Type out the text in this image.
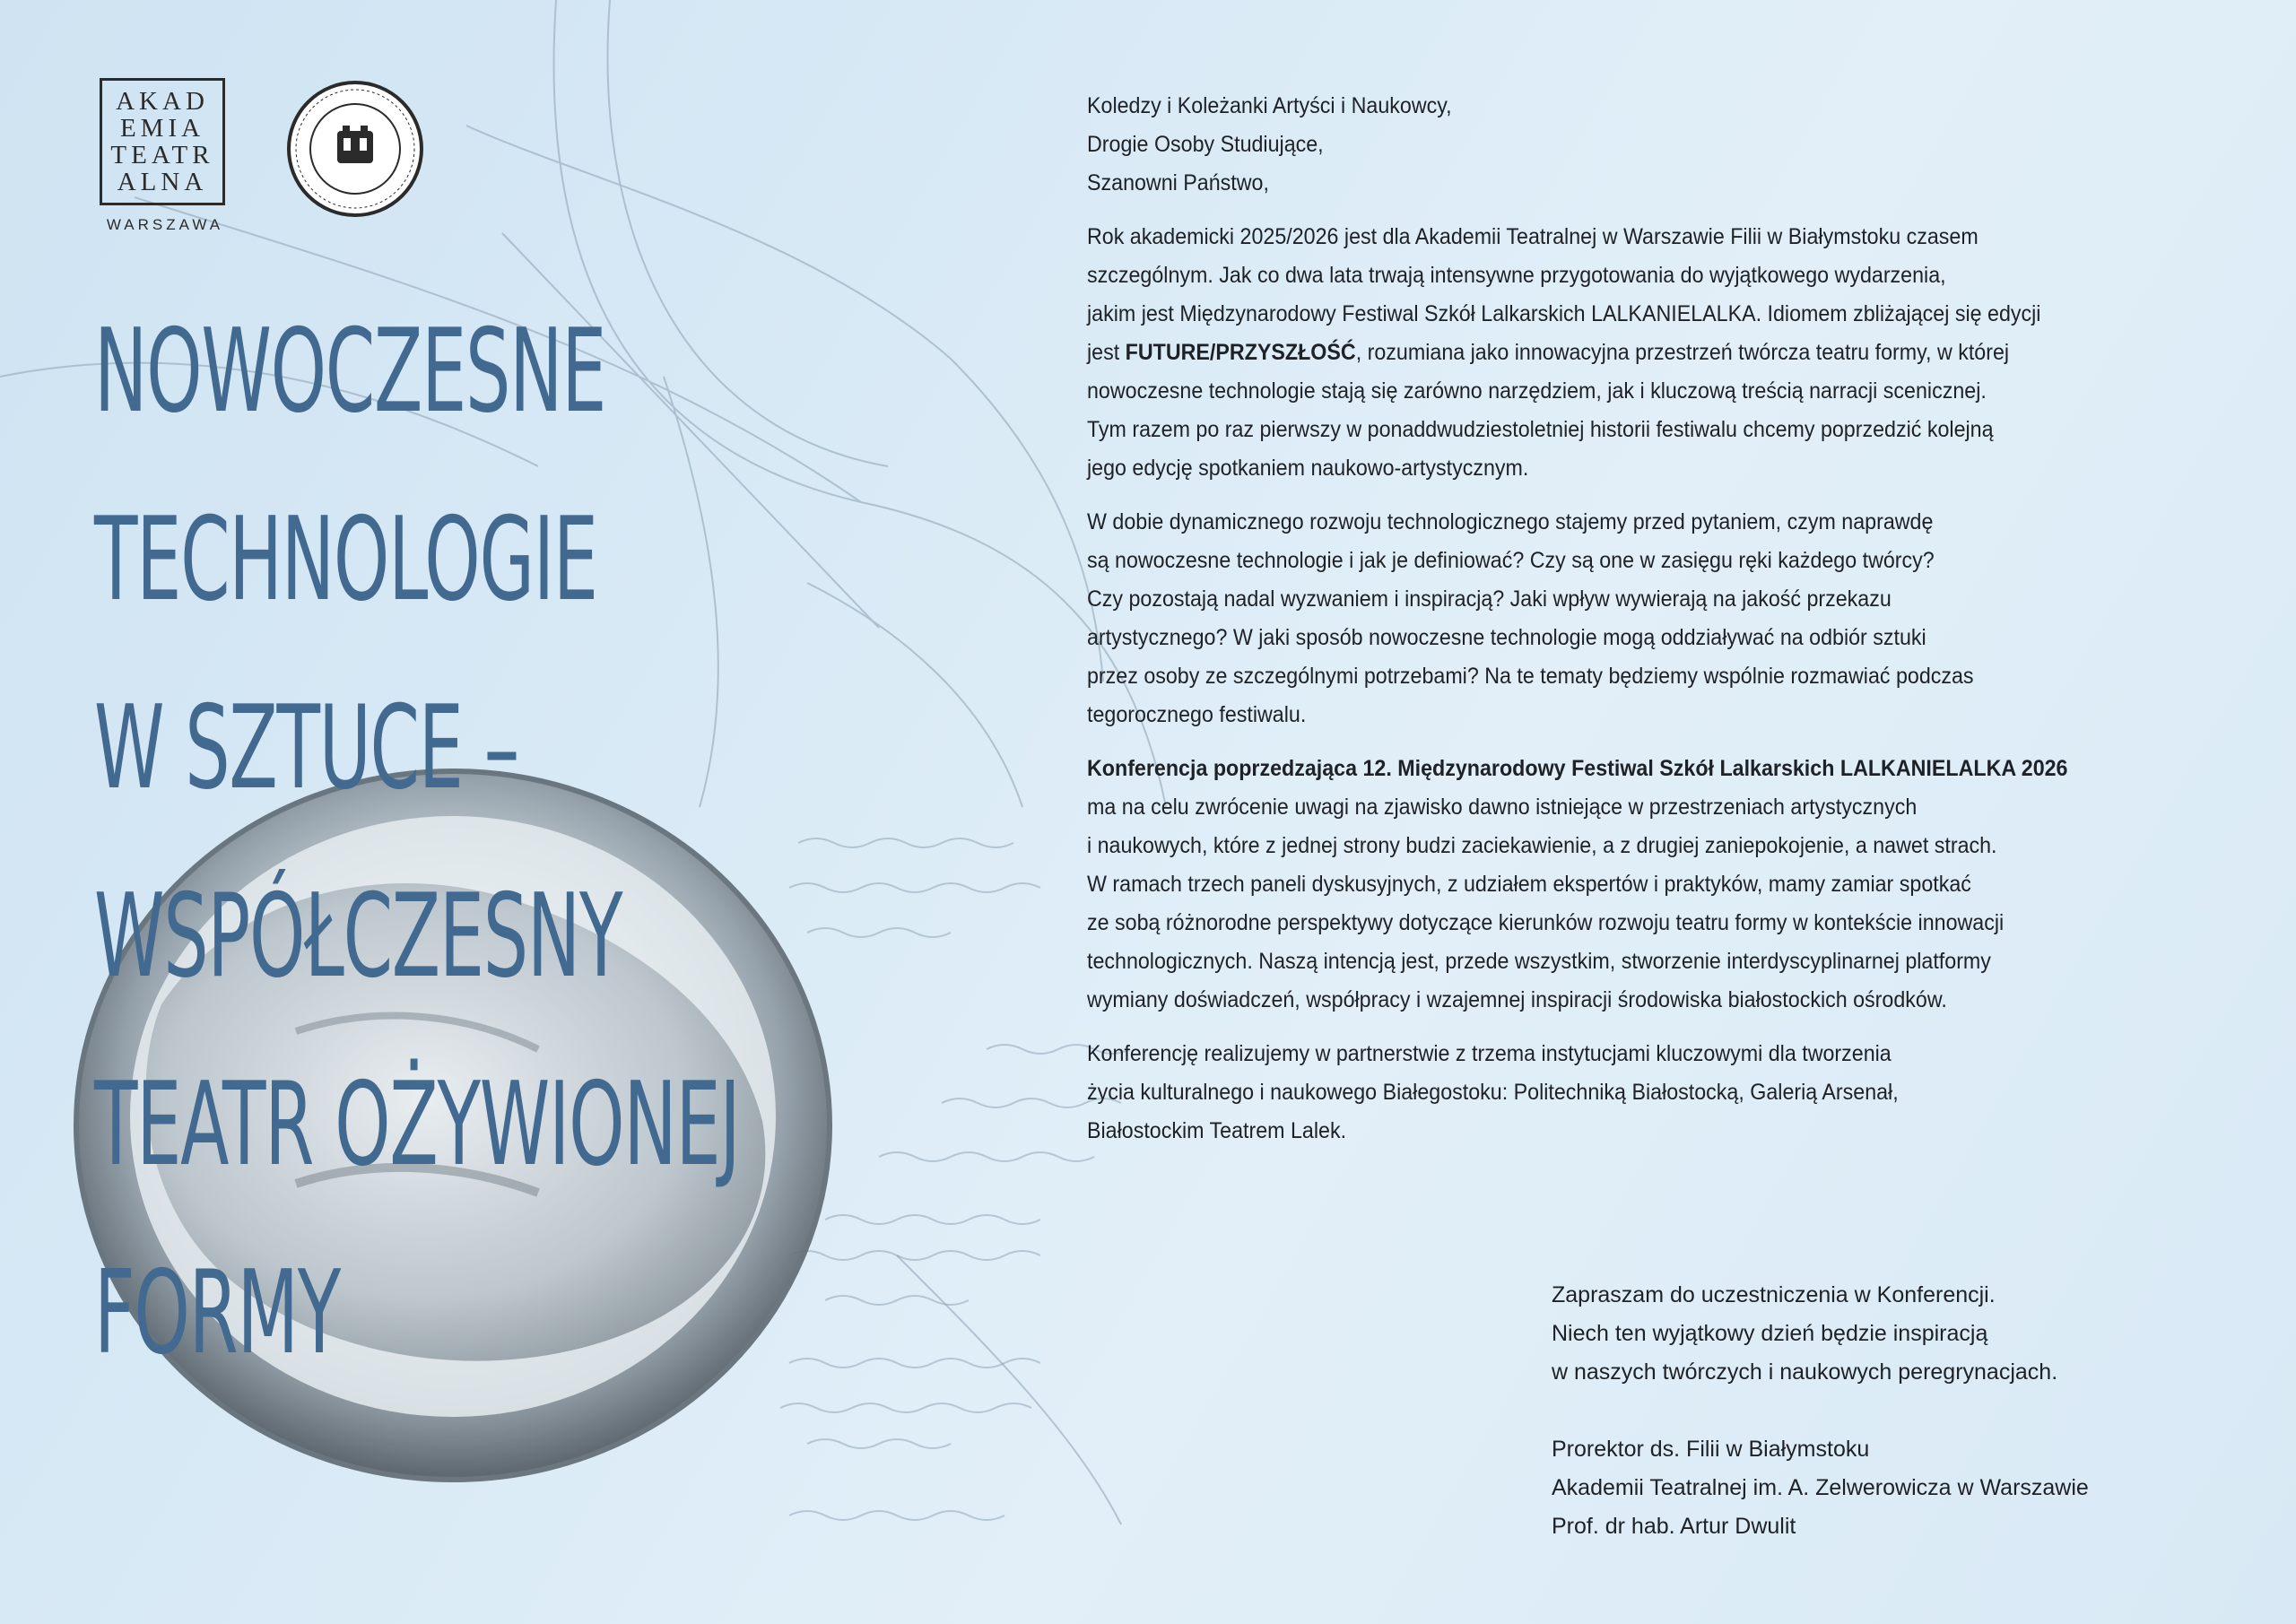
AKAD
EMIA
TEATR
ALNA
WARSZAWA
NOWOCZESNE
TECHNOLOGIE
W SZTUCE –
WSPÓŁCZESNY
TEATR OŻYWIONEJ
FORMY

Koledzy i Koleżanki Artyści i Naukowcy,

Drogie Osoby Studiujące,

Szanowni Państwo,

Rok akademicki 2025/2026 jest dla Akademii Teatralnej w Warszawie Filii w Białymstoku czasem

szczególnym. Jak co dwa lata trwają intensywne przygotowania do wyjątkowego wydarzenia,

jakim jest Międzynarodowy Festiwal Szkół Lalkarskich LALKANIELALKA. Idiomem zbliżającej się edycji

jest FUTURE/PRZYSZŁOŚĆ, rozumiana jako innowacyjna przestrzeń twórcza teatru formy, w której

nowoczesne technologie stają się zarówno narzędziem, jak i kluczową treścią narracji scenicznej.

Tym razem po raz pierwszy w ponaddwudziestoletniej historii festiwalu chcemy poprzedzić kolejną

jego edycję spotkaniem naukowo-artystycznym.

W dobie dynamicznego rozwoju technologicznego stajemy przed pytaniem, czym naprawdę

są nowoczesne technologie i jak je definiować? Czy są one w zasięgu ręki każdego twórcy?

Czy pozostają nadal wyzwaniem i inspiracją? Jaki wpływ wywierają na jakość przekazu

artystycznego? W jaki sposób nowoczesne technologie mogą oddziaływać na odbiór sztuki

przez osoby ze szczególnymi potrzebami? Na te tematy będziemy wspólnie rozmawiać podczas

tegorocznego festiwalu.

Konferencja poprzedzająca 12. Międzynarodowy Festiwal Szkół Lalkarskich LALKANIELALKA 2026

ma na celu zwrócenie uwagi na zjawisko dawno istniejące w przestrzeniach artystycznych

i naukowych, które z jednej strony budzi zaciekawienie, a z drugiej zaniepokojenie, a nawet strach.

W ramach trzech paneli dyskusyjnych, z udziałem ekspertów i praktyków, mamy zamiar spotkać

ze sobą różnorodne perspektywy dotyczące kierunków rozwoju teatru formy w kontekście innowacji

technologicznych. Naszą intencją jest, przede wszystkim, stworzenie interdyscyplinarnej platformy

wymiany doświadczeń, współpracy i wzajemnej inspiracji środowiska białostockich ośrodków.

Konferencję realizujemy w partnerstwie z trzema instytucjami kluczowymi dla tworzenia

życia kulturalnego i naukowego Białegostoku: Politechniką Białostocką, Galerią Arsenał,

Białostockim Teatrem Lalek.

Zapraszam do uczestniczenia w Konferencji.

Niech ten wyjątkowy dzień będzie inspiracją

w naszych twórczych i naukowych peregrynacjach.

Prorektor ds. Filii w Białymstoku

Akademii Teatralnej im. A. Zelwerowicza w Warszawie

Prof. dr hab. Artur Dwulit
